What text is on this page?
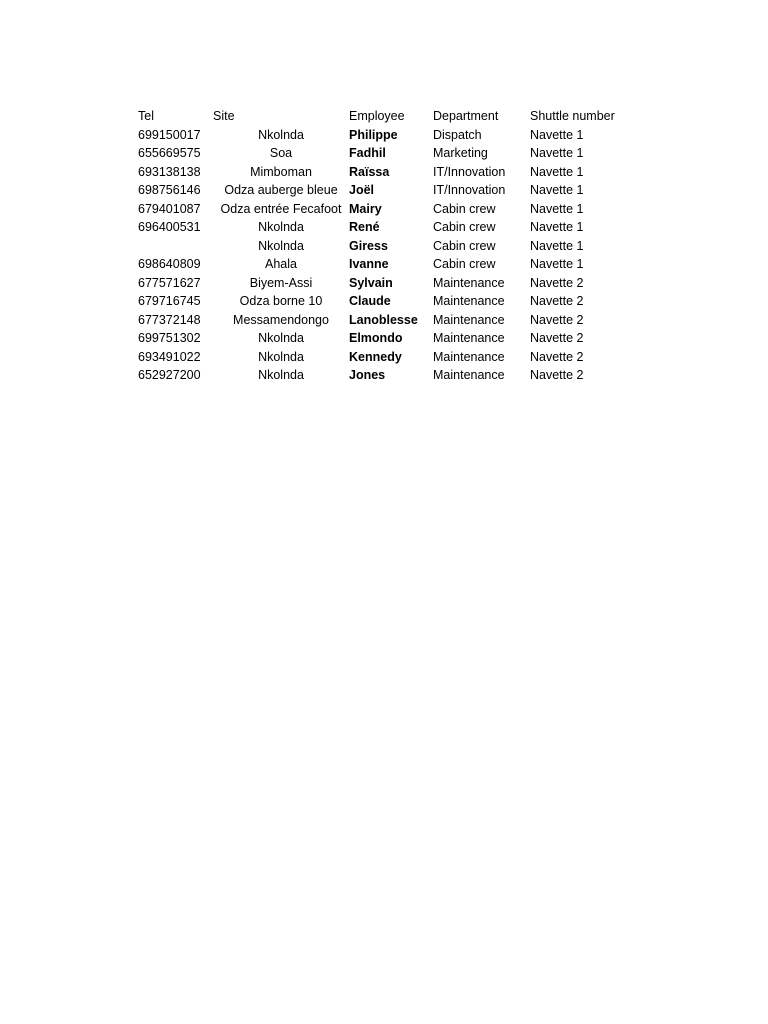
Tel	Site	Employee	Department	Shuttle number
699150017	Nkolnda	Philippe	Dispatch	Navette 1
655669575	Soa	Fadhil	Marketing	Navette 1
693138138	Mimboman	Raïssa	IT/Innovation	Navette 1
698756146	Odza auberge bleue	Joël	IT/Innovation	Navette 1
679401087	Odza entrée Fecafoot	Mairy	Cabin crew	Navette 1
696400531	Nkolnda	René	Cabin crew	Navette 1
	Nkolnda	Giress	Cabin crew	Navette 1
698640809	Ahala	Ivanne	Cabin crew	Navette 1
677571627	Biyem-Assi	Sylvain	Maintenance	Navette 2
679716745	Odza borne 10	Claude	Maintenance	Navette 2
677372148	Messamendongo	Lanoblesse	Maintenance	Navette 2
699751302	Nkolnda	Elmondo	Maintenance	Navette 2
693491022	Nkolnda	Kennedy	Maintenance	Navette 2
652927200	Nkolnda	Jones	Maintenance	Navette 2
